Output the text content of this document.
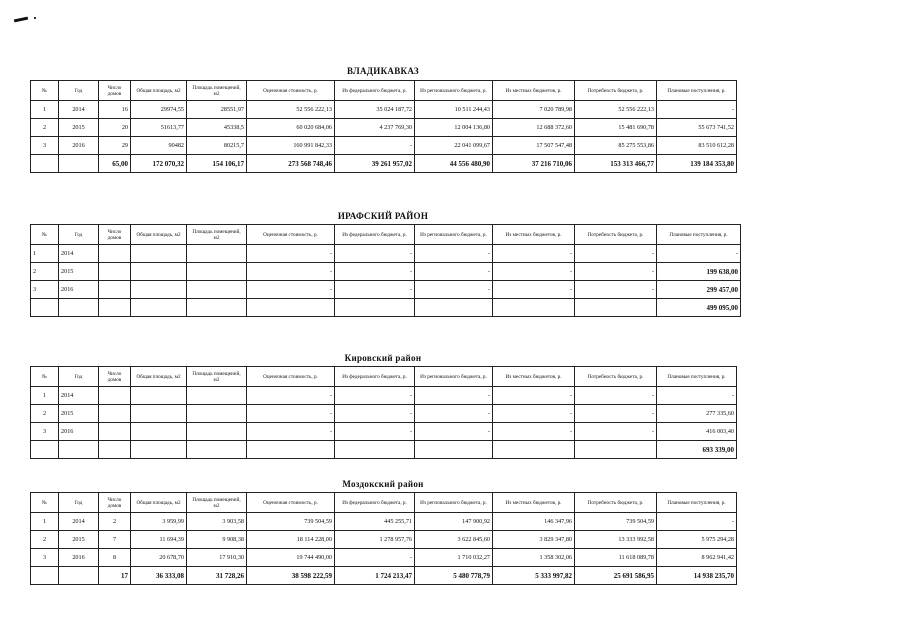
ВЛАДИКАВКАЗ
№	Год	Число домов	Общая площадь, м2	Площадь помещений, м2	Оценочная стоимость, р.	Из федерального бюджета, р.	Из регионального бюджета, р.	Из местных бюджетов, р.	Потребность бюджета, р.	Плановые поступления, р.
1	2014	16	29974,55	28551,97	52 556 222,13	35 024 187,72	10 511 244,43	7 020 789,98	52 556 222,13	-
2	2015	20	51613,77	45338,5	60 020 684,06	4 237 769,30	12 004 136,80	12 688 372,60	15 481 690,78	55 673 741,52
3	2016	29	90482	80215,7	160 991 842,33	-	22 041 099,67	17 507 547,48	85 275 553,86	83 510 612,28
		65,00	172 070,32	154 106,17	273 568 748,46	39 261 957,02	44 556 480,90	37 216 710,06	153 313 466,77	139 184 353,80
ИРАФСКИЙ РАЙОН
№	Год	Число домов	Общая площадь, м2	Площадь помещений, м2	Оценочная стоимость, р.	Из федерального бюджета, р.	Из регионального бюджета, р.	Из местных бюджетов, р.	Потребность бюджета, р.	Плановые поступления, р.
1	2014				-	-	-	-	-	-
2	2015				-	-	-	-	-	199 638,00
3	2016				-	-	-	-	-	299 457,00
										499 095,00
Кировский район
№	Год	Число домов	Общая площадь, м2	Площадь помещений, м2	Оценочная стоимость, р.	Из федерального бюджета, р.	Из регионального бюджета, р.	Из местных бюджетов, р.	Потребность бюджета, р.	Плановые поступления, р.
1	2014				-	-	-	-	-	-
2	2015				-	-	-	-	-	277 335,60
3	2016				-	-	-	-	-	416 003,40
										693 339,00
Моздокский район
№	Год	Число домов	Общая площадь, м2	Площадь помещений, м2	Оценочная стоимость, р.	Из федерального бюджета, р.	Из регионального бюджета, р.	Из местных бюджетов, р.	Потребность бюджета, р.	Плановые поступления, р.
1	2014	2	3 959,99	3 903,58	739 504,59	445 255,71	147 900,92	146 347,96	739 504,59	-
2	2015	7	11 694,39	9 908,38	18 114 228,00	1 278 957,76	3 622 845,60	3 829 347,80	13 333 992,58	5 975 294,28
3	2016	8	20 678,70	17 910,30	19 744 490,00	-	1 710 032,27	1 358 302,06	11 618 089,78	8 962 941,42
		17	36 333,08	31 728,26	38 598 222,59	1 724 213,47	5 480 778,79	5 333 997,82	25 691 586,95	14 938 235,70
